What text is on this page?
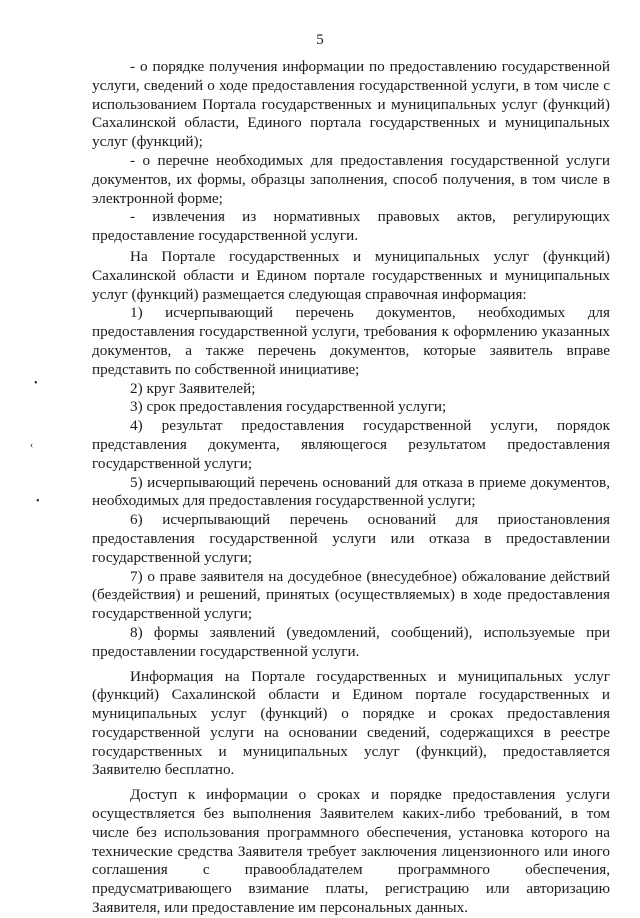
5
•
‹
•

- о порядке получения информации по предоставлению государственной услуги, сведений о ходе предоставления государственной услуги, в том числе с использованием Портала государственных и муниципальных услуг (функций) Сахалинской области, Единого портала государственных и муниципальных услуг (функций);

- о перечне необходимых для предоставления государственной услуги документов, их формы, образцы заполнения, способ получения, в том числе в электронной форме;

- извлечения из нормативных правовых актов, регулирующих предоставление государственной услуги.

На Портале государственных и муниципальных услуг (функций) Сахалинской области и Едином портале государственных и муниципальных услуг (функций) размещается следующая справочная информация:

1) исчерпывающий перечень документов, необходимых для предоставления государственной услуги, требования к оформлению указанных документов, а также перечень документов, которые заявитель вправе представить по собственной инициативе;

2) круг Заявителей;

3) срок предоставления государственной услуги;

4) результат предоставления государственной услуги, порядок представления документа, являющегося результатом предоставления государственной услуги;

5) исчерпывающий перечень оснований для отказа в приеме документов, необходимых для предоставления государственной услуги;

6) исчерпывающий перечень оснований для приостановления предоставления государственной услуги или отказа в предоставлении государственной услуги;

7) о праве заявителя на досудебное (внесудебное) обжалование действий (бездействия) и решений, принятых (осуществляемых) в ходе предоставления государственной услуги;

8) формы заявлений (уведомлений, сообщений), используемые при предоставлении государственной услуги.

Информация на Портале государственных и муниципальных услуг (функций) Сахалинской области и Едином портале государственных и муниципальных услуг (функций) о порядке и сроках предоставления государственной услуги на основании сведений, содержащихся в реестре государственных и муниципальных услуг (функций), предоставляется Заявителю бесплатно.

Доступ к информации о сроках и порядке предоставления услуги осуществляется без выполнения Заявителем каких-либо требований, в том числе без использования программного обеспечения, установка которого на технические средства Заявителя требует заключения лицензионного или иного соглашения с правообладателем программного обеспечения, предусматривающего взимание платы, регистрацию или авторизацию Заявителя, или предоставление им персональных данных.
